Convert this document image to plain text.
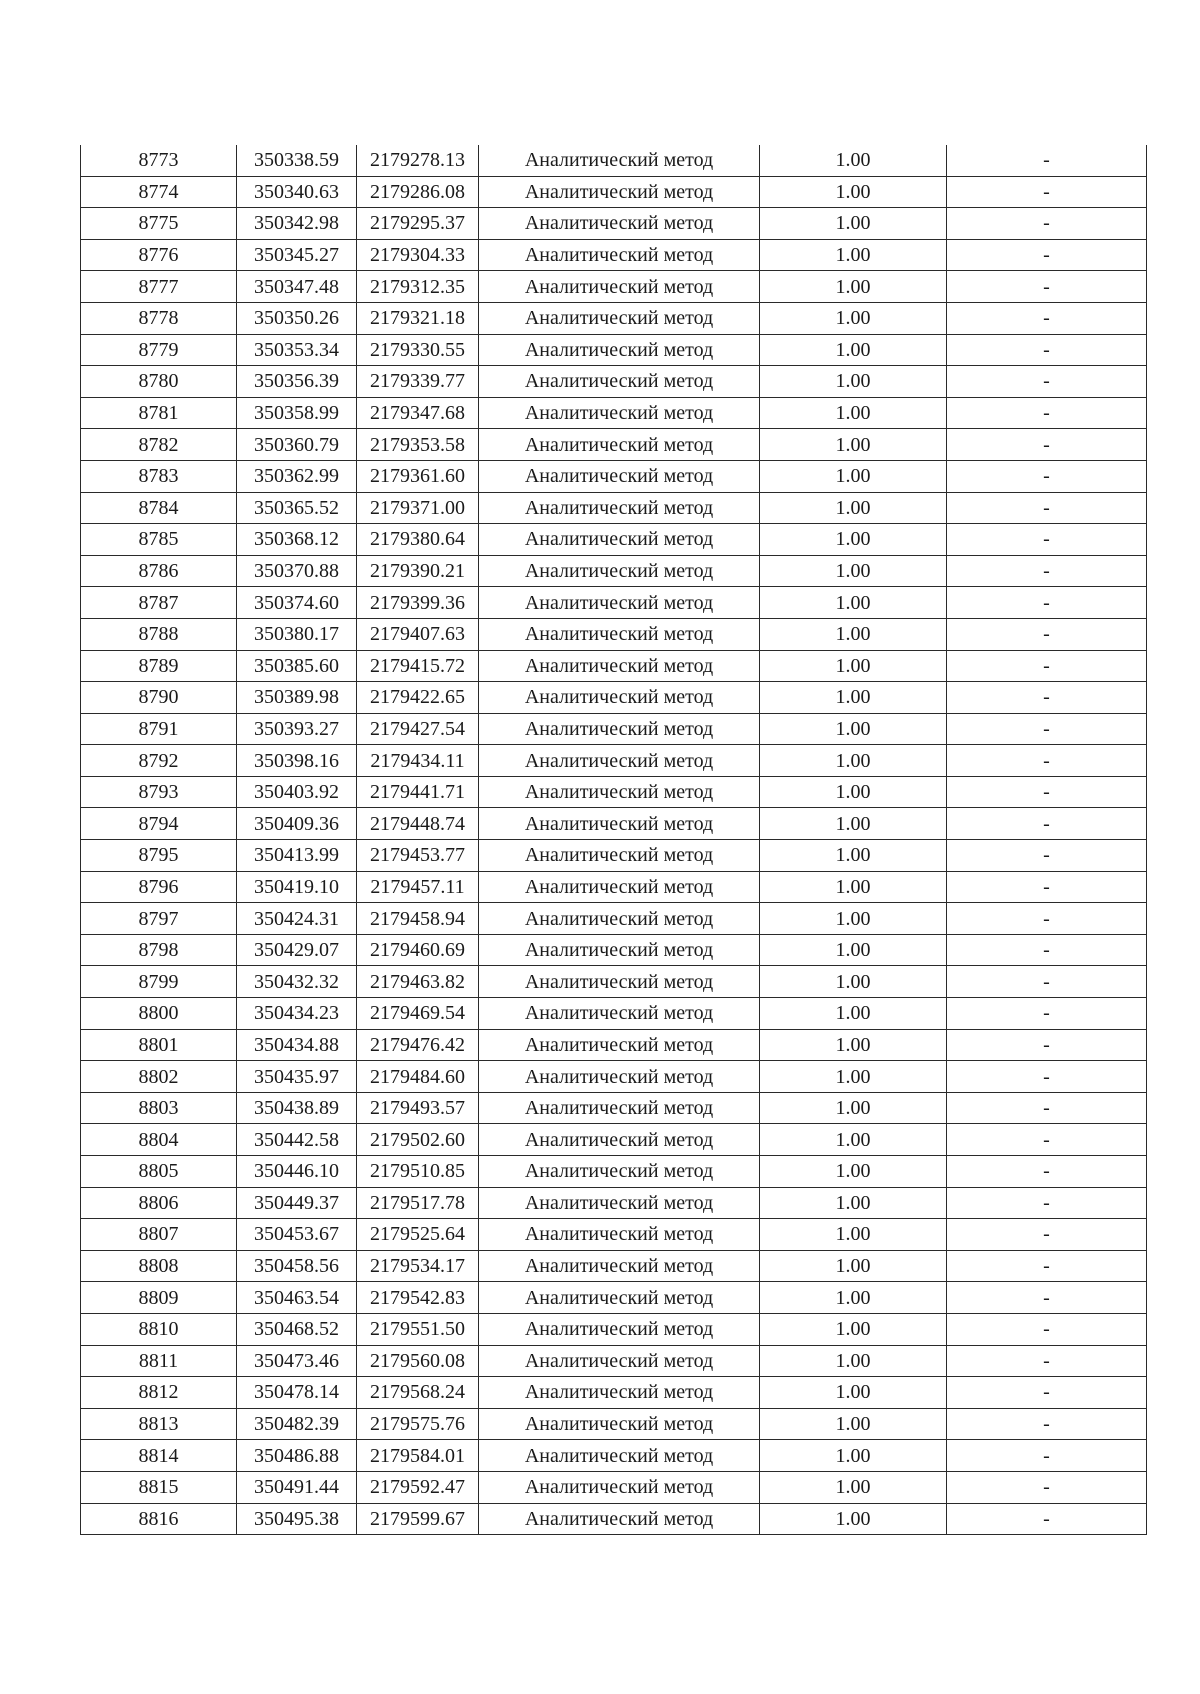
8773	350338.59	2179278.13	Аналитический метод	1.00	-
8774	350340.63	2179286.08	Аналитический метод	1.00	-
8775	350342.98	2179295.37	Аналитический метод	1.00	-
8776	350345.27	2179304.33	Аналитический метод	1.00	-
8777	350347.48	2179312.35	Аналитический метод	1.00	-
8778	350350.26	2179321.18	Аналитический метод	1.00	-
8779	350353.34	2179330.55	Аналитический метод	1.00	-
8780	350356.39	2179339.77	Аналитический метод	1.00	-
8781	350358.99	2179347.68	Аналитический метод	1.00	-
8782	350360.79	2179353.58	Аналитический метод	1.00	-
8783	350362.99	2179361.60	Аналитический метод	1.00	-
8784	350365.52	2179371.00	Аналитический метод	1.00	-
8785	350368.12	2179380.64	Аналитический метод	1.00	-
8786	350370.88	2179390.21	Аналитический метод	1.00	-
8787	350374.60	2179399.36	Аналитический метод	1.00	-
8788	350380.17	2179407.63	Аналитический метод	1.00	-
8789	350385.60	2179415.72	Аналитический метод	1.00	-
8790	350389.98	2179422.65	Аналитический метод	1.00	-
8791	350393.27	2179427.54	Аналитический метод	1.00	-
8792	350398.16	2179434.11	Аналитический метод	1.00	-
8793	350403.92	2179441.71	Аналитический метод	1.00	-
8794	350409.36	2179448.74	Аналитический метод	1.00	-
8795	350413.99	2179453.77	Аналитический метод	1.00	-
8796	350419.10	2179457.11	Аналитический метод	1.00	-
8797	350424.31	2179458.94	Аналитический метод	1.00	-
8798	350429.07	2179460.69	Аналитический метод	1.00	-
8799	350432.32	2179463.82	Аналитический метод	1.00	-
8800	350434.23	2179469.54	Аналитический метод	1.00	-
8801	350434.88	2179476.42	Аналитический метод	1.00	-
8802	350435.97	2179484.60	Аналитический метод	1.00	-
8803	350438.89	2179493.57	Аналитический метод	1.00	-
8804	350442.58	2179502.60	Аналитический метод	1.00	-
8805	350446.10	2179510.85	Аналитический метод	1.00	-
8806	350449.37	2179517.78	Аналитический метод	1.00	-
8807	350453.67	2179525.64	Аналитический метод	1.00	-
8808	350458.56	2179534.17	Аналитический метод	1.00	-
8809	350463.54	2179542.83	Аналитический метод	1.00	-
8810	350468.52	2179551.50	Аналитический метод	1.00	-
8811	350473.46	2179560.08	Аналитический метод	1.00	-
8812	350478.14	2179568.24	Аналитический метод	1.00	-
8813	350482.39	2179575.76	Аналитический метод	1.00	-
8814	350486.88	2179584.01	Аналитический метод	1.00	-
8815	350491.44	2179592.47	Аналитический метод	1.00	-
8816	350495.38	2179599.67	Аналитический метод	1.00	-
